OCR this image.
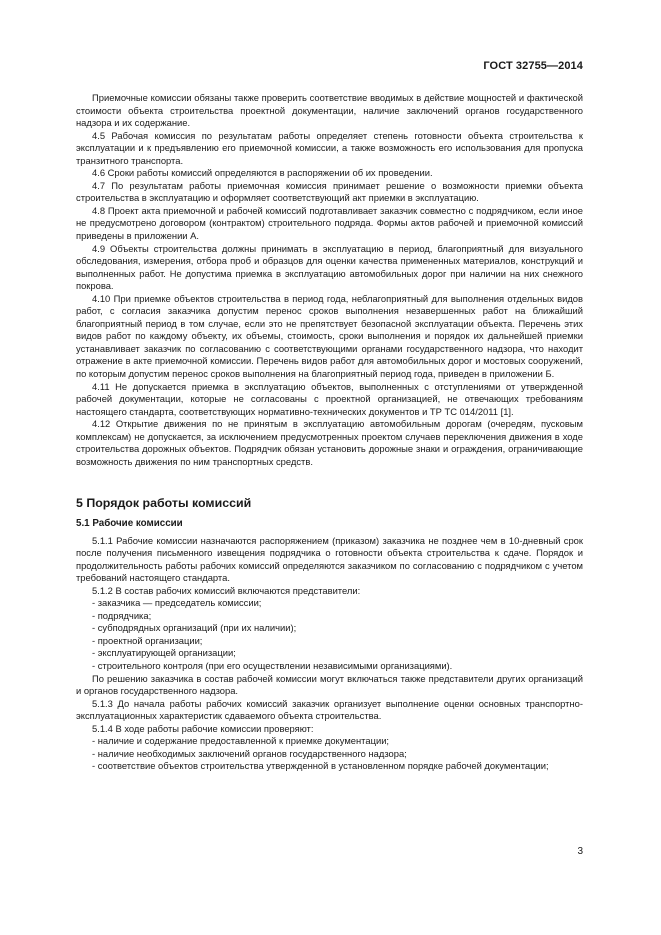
ГОСТ 32755—2014

Приемочные комиссии обязаны также проверить соответствие вводимых в действие мощностей и фактической стоимости объекта строительства проектной документации, наличие заключений органов государственного надзора и их содержание.

4.5 Рабочая комиссия по результатам работы определяет степень готовности объекта строительства к эксплуатации и к предъявлению его приемочной комиссии, а также возможность его использования для пропуска транзитного транспорта.

4.6 Сроки работы комиссий определяются в распоряжении об их проведении.

4.7 По результатам работы приемочная комиссия принимает решение о возможности приемки объекта строительства в эксплуатацию и оформляет соответствующий акт приемки в эксплуатацию.

4.8 Проект акта приемочной и рабочей комиссий подготавливает заказчик совместно с подрядчиком, если иное не предусмотрено договором (контрактом) строительного подряда. Формы актов рабочей и приемочной комиссий приведены в приложении А.

4.9 Объекты строительства должны принимать в эксплуатацию в период, благоприятный для визуального обследования, измерения, отбора проб и образцов для оценки качества примененных материалов, конструкций и выполненных работ. Не допустима приемка в эксплуатацию автомобильных дорог при наличии на них снежного покрова.

4.10 При приемке объектов строительства в период года, неблагоприятный для выполнения отдельных видов работ, с согласия заказчика допустим перенос сроков выполнения незавершенных работ на ближайший благоприятный период в том случае, если это не препятствует безопасной эксплуатации объекта. Перечень этих видов работ по каждому объекту, их объемы, стоимость, сроки выполнения и порядок их дальнейшей приемки устанавливает заказчик по согласованию с соответствующими органами государственного надзора, что находит отражение в акте приемочной комиссии. Перечень видов работ для автомобильных дорог и мостовых сооружений, по которым допустим перенос сроков выполнения на благоприятный период года, приведен в приложении Б.

4.11 Не допускается приемка в эксплуатацию объектов, выполненных с отступлениями от утвержденной рабочей документации, которые не согласованы с проектной организацией, не отвечающих требованиям настоящего стандарта, соответствующих нормативно-технических документов и ТР ТС 014/2011 [1].

4.12 Открытие движения по не принятым в эксплуатацию автомобильным дорогам (очередям, пусковым комплексам) не допускается, за исключением предусмотренных проектом случаев переключения движения в ходе строительства дорожных объектов. Подрядчик обязан установить дорожные знаки и ограждения, ограничивающие возможность движения по ним транспортных средств.

5 Порядок работы комиссий
5.1 Рабочие комиссии

5.1.1 Рабочие комиссии назначаются распоряжением (приказом) заказчика не позднее чем в 10-дневный срок после получения письменного извещения подрядчика о готовности объекта строительства к сдаче. Порядок и продолжительность работы рабочих комиссий определяются заказчиком по согласованию с подрядчиком с учетом требований настоящего стандарта.

5.1.2 В состав рабочих комиссий включаются представители:

- заказчика — председатель комиссии;

- подрядчика;

- субподрядных организаций (при их наличии);

- проектной организации;

- эксплуатирующей организации;

- строительного контроля (при его осуществлении независимыми организациями).

По решению заказчика в состав рабочей комиссии могут включаться также представители других организаций и органов государственного надзора.

5.1.3 До начала работы рабочих комиссий заказчик организует выполнение оценки основных транспортно-эксплуатационных характеристик сдаваемого объекта строительства.

5.1.4 В ходе работы рабочие комиссии проверяют:

- наличие и содержание предоставленной к приемке документации;

- наличие необходимых заключений органов государственного надзора;

- соответствие объектов строительства утвержденной в установленном порядке рабочей документации;

3
